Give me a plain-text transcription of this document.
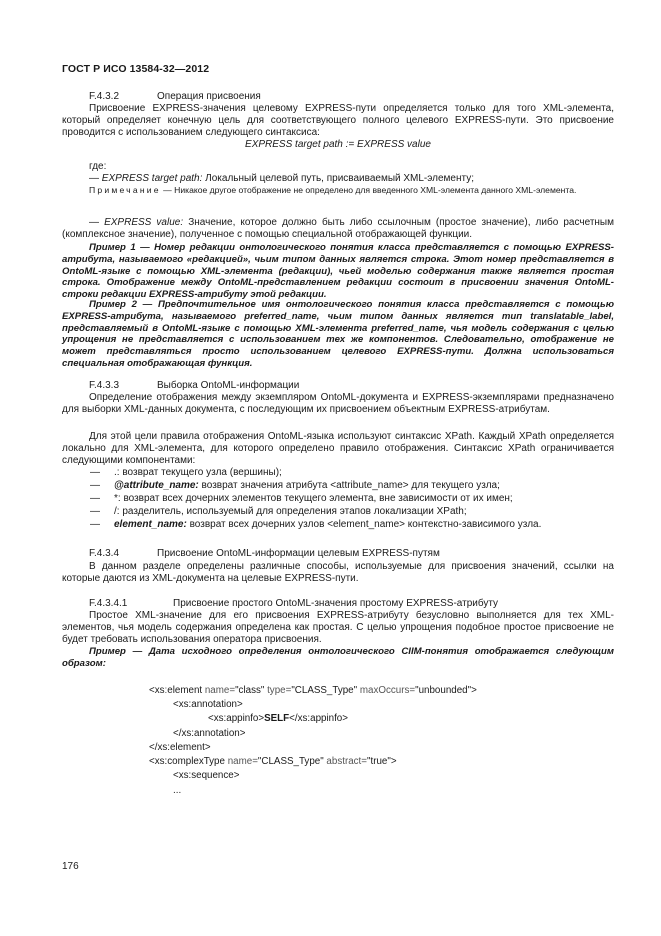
ГОСТ Р ИСО 13584-32—2012
F.4.3.2	Операция присвоения
Присвоение EXPRESS-значения целевому EXPRESS-пути определяется только для того XML-элемента, который определяет конечную цель для соответствующего полного целевого EXPRESS-пути. Это присвоение проводится с использованием следующего синтаксиса:
EXPRESS target path := EXPRESS value
где:
— EXPRESS target path: Локальный целевой путь, присваиваемый XML-элементу;
Примечание — Никакое другое отображение не определено для введенного XML-элемента данного XML-элемента.
— EXPRESS value: Значение, которое должно быть либо ссылочным (простое значение), либо расчетным (комплексное значение), полученное с помощью специальной отображающей функции.
Пример 1 — Номер редакции онтологического понятия класса представляется с помощью EXPRESS-атрибута, называемого «редакцией», чьим типом данных является строка. Этот номер представляется в OntoML-языке с помощью XML-элемента (редакции), чьей моделью содержания также является простая строка. Отображение между OntoML-представлением редакции состоит в присвоении значения OntoML-строки редакции EXPRESS-атрибуту этой редакции.
Пример 2 — Предпочтительное имя онтологического понятия класса представляется с помощью EXPRESS-атрибута, называемого preferred_name, чьим типом данных является тип translatable_label, представляемый в OntoML-языке с помощью XML-элемента preferred_name, чья модель содержания с целью упрощения не представляется с использованием тех же компонентов. Следовательно, отображение не может представляться просто использованием целевого EXPRESS-пути. Должна использоваться специальная отображающая функция.
F.4.3.3	Выборка OntoML-информации
Определение отображения между экземпляром OntoML-документа и EXPRESS-экземплярами предназначено для выборки XML-данных документа, с последующим их присвоением объектным EXPRESS-атрибутам.
Для этой цели правила отображения OntoML-языка используют синтаксис XPath. Каждый XPath определяется локально для XML-элемента, для которого определено правило отображения. Синтаксис XPath ограничивается следующими компонентами:
— .: возврат текущего узла (вершины);
— @attribute_name: возврат значения атрибута <attribute_name> для текущего узла;
— *: возврат всех дочерних элементов текущего элемента, вне зависимости от их имен;
— /: разделитель, используемый для определения этапов локализации XPath;
— element_name: возврат всех дочерних узлов <element_name> контекстно-зависимого узла.
F.4.3.4	Присвоение OntoML-информации целевым EXPRESS-путям
В данном разделе определены различные способы, используемые для присвоения значений, ссылки на которые даются из XML-документа на целевые EXPRESS-пути.
F.4.3.4.1	Присвоение простого OntoML-значения простому EXPRESS-атрибуту
Простое XML-значение для его присвоения EXPRESS-атрибуту безусловно выполняется для тех XML-элементов, чья модель содержания определена как простая. С целью упрощения подобное простое присвоение не будет требовать использования оператора присвоения.
Пример — Дата исходного определения онтологического CIIM-понятия отображается следующим образом:
<xs:element name="class" type="CLASS_Type" maxOccurs="unbounded">
<xs:annotation>
<xs:appinfo>SELF</xs:appinfo>
</xs:annotation>
</xs:element>
<xs:complexType name="CLASS_Type" abstract="true">
<xs:sequence>
...
176
